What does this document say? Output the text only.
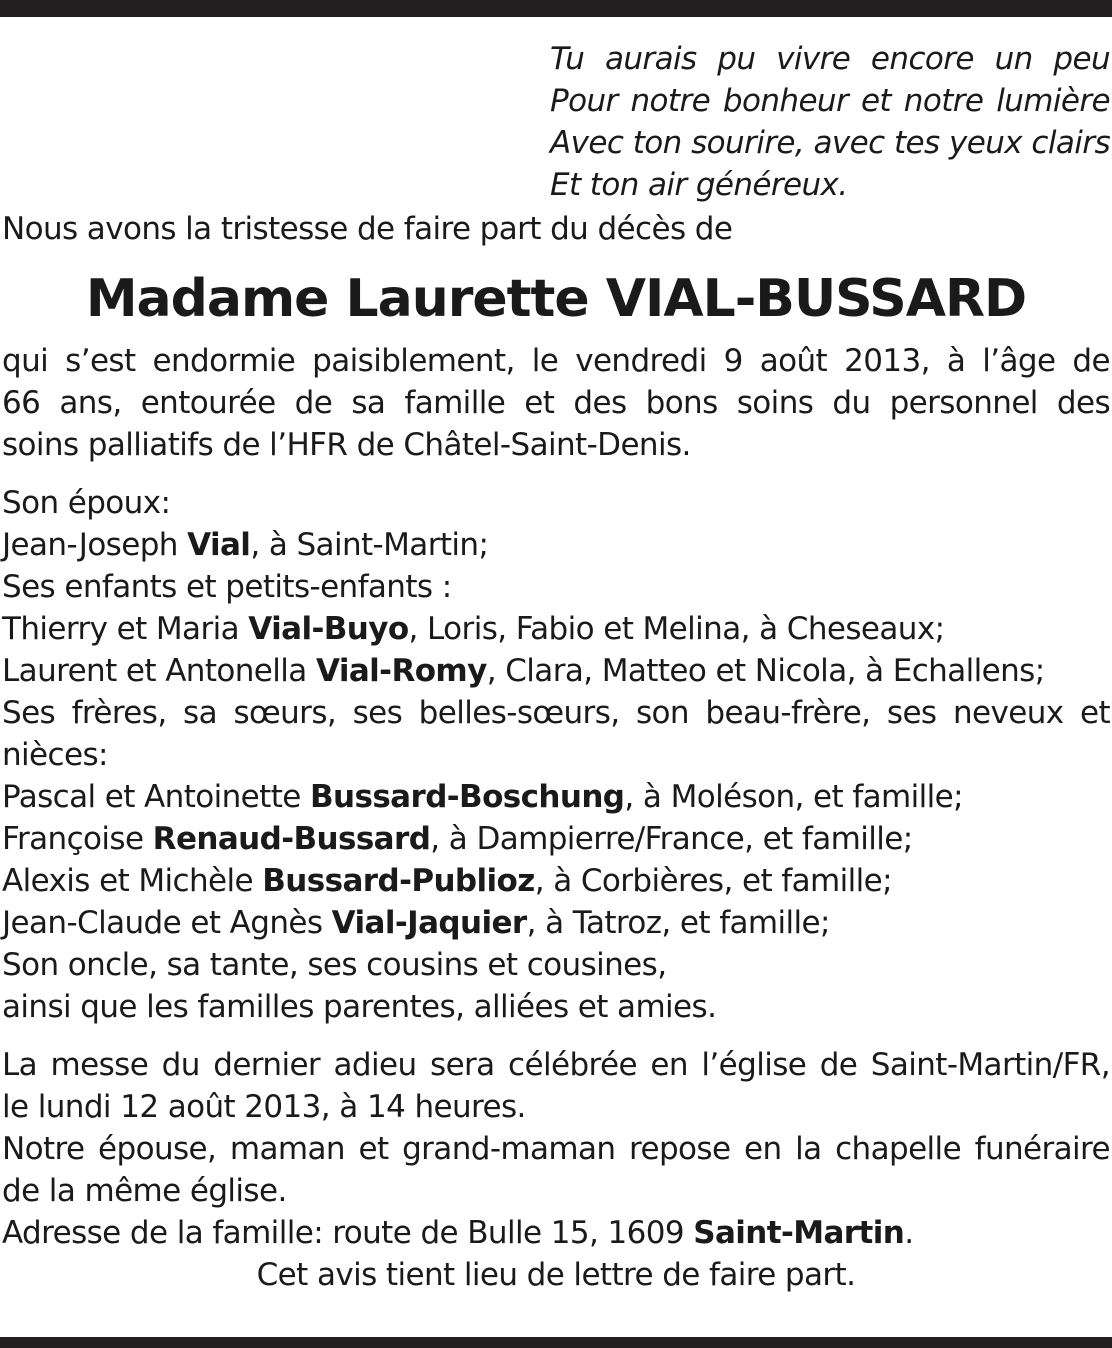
Tu aurais pu vivre encore un peu
Pour notre bonheur et notre lumière
Avec ton sourire, avec tes yeux clairs
Et ton air généreux.

Nous avons la tristesse de faire part du décès de

Madame Laurette VIAL-BUSSARD

qui s’est endormie paisiblement, le vendredi 9 août 2013, à l’âge de
66 ans, entourée de sa famille et des bons soins du personnel des
soins palliatifs de l’HFR de Châtel-Saint-Denis.

Son époux:
Jean-Joseph Vial, à Saint-Martin;
Ses enfants et petits-enfants :
Thierry et Maria Vial-Buyo, Loris, Fabio et Melina, à Cheseaux;
Laurent et Antonella Vial-Romy, Clara, Matteo et Nicola, à Echallens;
Ses frères, sa sœurs, ses belles-sœurs, son beau-frère, ses neveux et
nièces:
Pascal et Antoinette Bussard-Boschung, à Moléson, et famille;
Françoise Renaud-Bussard, à Dampierre/France, et famille;
Alexis et Michèle Bussard-Publioz, à Corbières, et famille;
Jean-Claude et Agnès Vial-Jaquier, à Tatroz, et famille;
Son oncle, sa tante, ses cousins et cousines,
ainsi que les familles parentes, alliées et amies.
La messe du dernier adieu sera célébrée en l’église de Saint-Martin/FR,
le lundi 12 août 2013, à 14 heures.
Notre épouse, maman et grand-maman repose en la chapelle funéraire
de la même église.
Adresse de la famille: route de Bulle 15, 1609 Saint-Martin.
Cet avis tient lieu de lettre de faire part.
